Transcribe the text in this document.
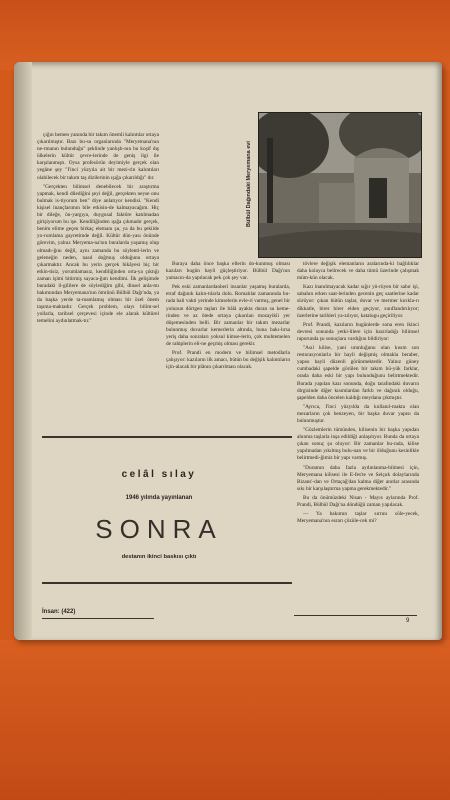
çığın hemen yanında bir takım önemli kalıntılar ortaya çıkarılmıştır. Bazı bu-su organlarında "Meryemana'nın ne-rmanın bulunduğu" şeklinde yanlışlı-nın bu koşif dış ülkelerin kültür çevre-lerinde de geniş ilgi ile karşılanmıştı. Oysa profesörün deyimiyle gerçek olan yegâne şey "I'inci yüzyıla ait bir mezi-rin kalıntıları olabilecek bir takım taş dizilerinin ışığa çıkarıldığı" dır.

"Gerçekten bilimsel denebilecek bir araştırma yapmak, kendi dilediğini şeyi değil, gerçekten neyse onu bulmak is-tiyorum ben" diye anlatıyor kendisi. "Kendi kişisel inançlarımın bile etkisin-de kalmayacağım. Hiç bir dileğe, ön-yargıya, duygusal faktöre katılmadan girişiyorum bu işe. Kendiliğinden ışığa çıkmadır gerçek, benim elime geçen birkaç elemanı şu, ya da bu şekilde yo-rumlama gayretimde değil. Kültür dün-yası önünde görevim, yalnız Meryema-na'nın buralarda yaşamış olup olmadı-ğını değil, aynı zamanda bu söylenti-lerin ve geleneğin neden, nasıl doğmuş olduğunu ortaya çıkarmaktır. Ancak bu yerin gerçek hikâyesi hiç bir etkin-tisiz, yorumlamasız, kendiliğinden orta-ya çıktığı zaman işimi bitirmiş sayaca-ğım kendimi. İlk gelişimde buradaki il-gililere de söylediğim gibi, dinsel anla-mı bakımından Meryemana'nın ömrünü Bülbül Dağı'nda, ya da başka yerde ta-mamlamış olması bir özel önem taşıma-maktadır. Gerçek problem, olayı bilim-sel yollarla, tarihsel çerçevesi içinde ele alarak kültürel temelini aydınlatmak-tır."

Bülbül Dağındaki Meryemana evi

Buraya daha önce başka ellerin do-kunmuş olması kazıları bugün hayli güçleştiriyor. Bülbül Dağı'nın yamacın-da yapılacak pek çok şey var.

Pek eski zamanlardanberi insanlar yaşamış buralarda, etraf dağınık kalın-tılarla dolu. Romalılar zamanında bu-rada hali vakti yerinde kimselerin evle-ri varmış, genel bir yolunun dörtgen taşları ile bâlâ ayakta duran su keme-rinden ve az ötede ortaya çıkarılan mozayikli yer döşemesinden belli. Bir zamanlar bir takım mezarlar bulunmuş duvarlar kemerlerin altında, buna bakı-lırsa yeriş daha sonraları yoksul kimse-lerin, çok muhtemelen de rahiplerin eli-ne geçmiş olması gerekir.

Prof. Prandi en modern ve bilimsel metodlarla çalışıyor: kazıların ilk amacı, bütün bu değişik kalıntıların için-alacak bir plânın çıkarılması olacak.

tövlere değişik elemanların aralarında-ki bağlılıklar daha kolayca belirecek ve daha tümü üzerinde çalışmak müm-kün olacak.

Kazı inanılmayacak kadar sığır yü-rüyen bir sabır işi, sabahın erken saat-lerinden gecenin geç saatlerine kadar sürüyor: çıkan bütün taşlar, duvar ve mermer kırıkla-rı dikkatle, birer birer elden geçiyor, sınıflandırılıyor; üzerlerine tarihleri ya-zılıyor, katalogu geçiriliyor.

Prof. Prandi, kazıların bugünlerde sona eren ikinci devresi sonunda yetki-lilere için hazırladığı bilimsel raporunda şu sonuçlara vardığını bildiriyor:

"Asıl kilise, yani urunluğunu olan kısım son restorasyonlarla bir hayli değişmiş olmakla beraber, yapısı hayli düzenli görünmektedir. Yalnız güney cumbadaki şapelde görülen bir takım bü-yük farklar, orada daha eski bir yapı bulunduğunu belirtmektedir. Burada yapılan kazı sonunda, doğu tarafındaki duvarın dirgisinde diğer kısımlardan farklı ve dağınık olduğu, şapelden daha öncelen kaldığı meydana çıkmıştır.

"Ayrıca, I'inci yüzyılda da kullanıl-makta olan mezarların çok benzeyen, bir başka duvar yapısı da bulunmuştur.

"Gözlemlerin tümünden, kilisenin bir başka yapıdan ahınma taşlarla inşa edildiği anlaşılıyor. Bunda da ortaya çıkan sonuç şu oluyor: Bir zamanlar bu-rada, kilise yapılmadan yıkılmış bulu-nan ve bir ölduğunu kesinlikle belirtmedi-ğimiz bir yapı varmış.

"Duramın daha fazla aydınlanma-bilmesi için, Meryemana kilisesi ile E-fes'te ve Selçuk dolaylarında Bizans'-dan ve Ortaçağ'dan kalma diğer anıtlar arasında sıkı bir karşılaştırma yapma gerekmektedir."

Bu da önümüzdeki Nisan - Mayıs aylarında Prof. Prandi, Bülbül Dağı'na döndüğü zaman yapılacak.

— Ya bakımın taşlar sırrını söle-yecek, Meryemana'nın esrarı çözüle-cek mi?

celâl sılay
1946 yılında yayınlanan
SONRA
destanın ikinci baskısı çıktı
İnsan: (422)
9
